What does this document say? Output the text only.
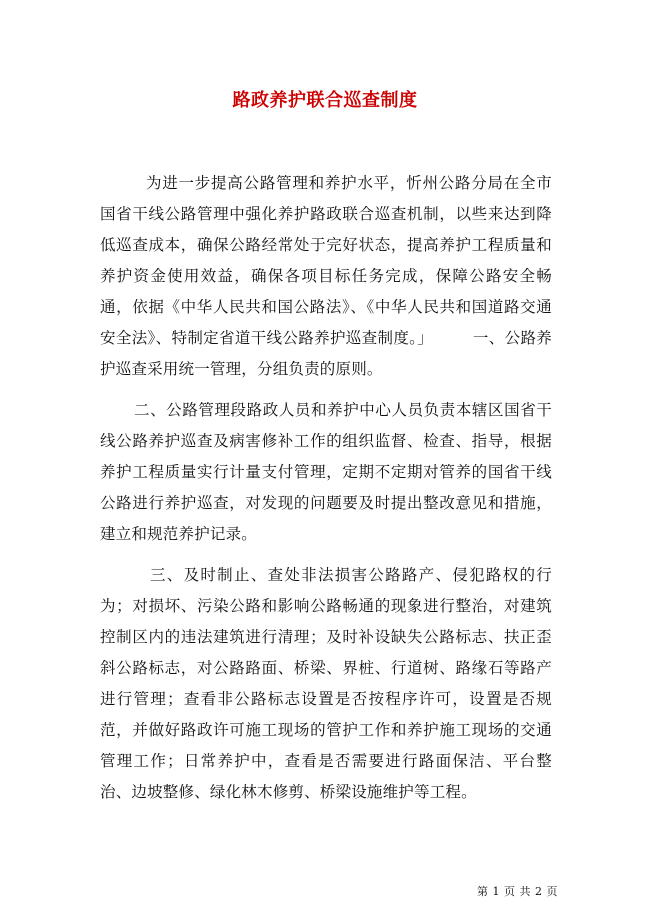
路政养护联合巡查制度

为进一步提高公路管理和养护水平，忻州公路分局在全市国省干线公路管理中强化养护路政联合巡查机制，以些来达到降低巡查成本，确保公路经常处于完好状态，提高养护工程质量和养护资金使用效益，确保各项目标任务完成，保障公路安全畅通，依据《中华人民共和国公路法》、《中华人民共和国道路交通安全法》、特制定省道干线公路养护巡查制度。」　　　一、公路养护巡查采用统一管理，分组负责的原则。

二、公路管理段路政人员和养护中心人员负责本辖区国省干线公路养护巡查及病害修补工作的组织监督、检查、指导，根据养护工程质量实行计量支付管理，定期不定期对管养的国省干线公路进行养护巡查，对发现的问题要及时提出整改意见和措施，建立和规范养护记录。

三、及时制止、查处非法损害公路路产、侵犯路权的行为；对损坏、污染公路和影响公路畅通的现象进行整治，对建筑控制区内的违法建筑进行清理；及时补设缺失公路标志、扶正歪斜公路标志，对公路路面、桥梁、界桩、行道树、路缘石等路产进行管理；查看非公路标志设置是否按程序许可，设置是否规范，并做好路政许可施工现场的管护工作和养护施工现场的交通管理工作；日常养护中，查看是否需要进行路面保洁、平台整治、边坡整修、绿化林木修剪、桥梁设施维护等工程。

第 1 页 共 2 页
